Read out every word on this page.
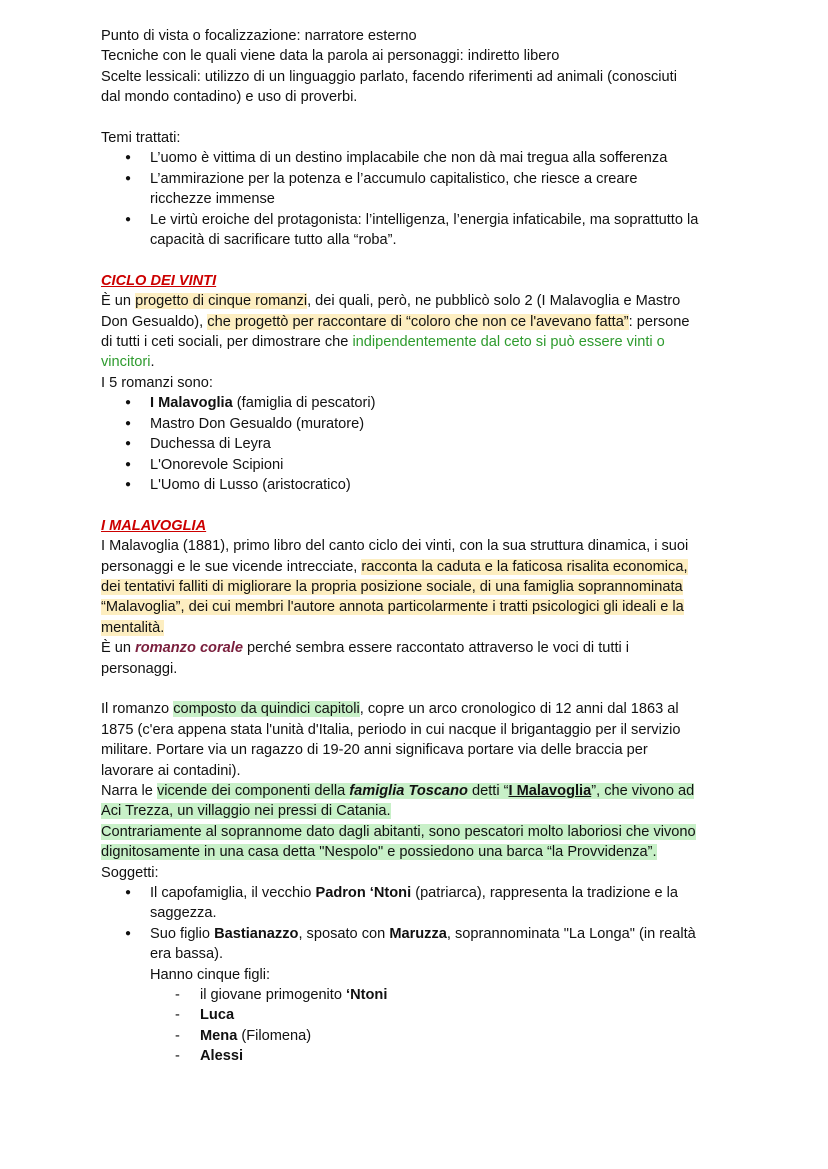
Punto di vista o focalizzazione: narratore esterno

Tecniche con le quali viene data la parola ai personaggi: indiretto libero

Scelte lessicali: utilizzo di un linguaggio parlato, facendo riferimenti ad animali (conosciuti

dal mondo contadino) e uso di proverbi.

Temi trattati:

● L’uomo è vittima di un destino implacabile che non dà mai tregua alla sofferenza

● L’ammirazione per la potenza e l’accumulo capitalistico, che riesce a creare

ricchezze immense

● Le virtù eroiche del protagonista: l’intelligenza, l’energia infaticabile, ma soprattutto la

capacità di sacrificare tutto alla “roba”.

CICLO DEI VINTI

È un progetto di cinque romanzi, dei quali, però, ne pubblicò solo 2 (I Malavoglia e Mastro

Don Gesualdo), che progettò per raccontare di “coloro che non ce l'avevano fatta”: persone

di tutti i ceti sociali, per dimostrare che indipendentemente dal ceto si può essere vinti o

vincitori.

I 5 romanzi sono:

● I Malavoglia (famiglia di pescatori)

● Mastro Don Gesualdo (muratore)

● Duchessa di Leyra

● L'Onorevole Scipioni

● L'Uomo di Lusso (aristocratico)

I MALAVOGLIA

I Malavoglia (1881), primo libro del canto ciclo dei vinti, con la sua struttura dinamica, i suoi

personaggi e le sue vicende intrecciate, racconta la caduta e la faticosa risalita economica,

dei tentativi falliti di migliorare la propria posizione sociale, di una famiglia soprannominata

“Malavoglia”, dei cui membri l'autore annota particolarmente i tratti psicologici gli ideali e la

mentalità.

È un romanzo corale perché sembra essere raccontato attraverso le voci di tutti i

personaggi.

Il romanzo composto da quindici capitoli, copre un arco cronologico di 12 anni dal 1863 al

1875 (c'era appena stata l'unità d'Italia, periodo in cui nacque il brigantaggio per il servizio

militare. Portare via un ragazzo di 19-20 anni significava portare via delle braccia per

lavorare ai contadini).

Narra le vicende dei componenti della famiglia Toscano detti “I Malavoglia”, che vivono ad

Aci Trezza, un villaggio nei pressi di Catania.

Contrariamente al soprannome dato dagli abitanti, sono pescatori molto laboriosi che vivono

dignitosamente in una casa detta "Nespolo" e possiedono una barca “la Provvidenza”.

Soggetti:

● Il capofamiglia, il vecchio Padron ‘Ntoni (patriarca), rappresenta la tradizione e la

saggezza.

● Suo figlio Bastianazzo, sposato con Maruzza, soprannominata "La Longa" (in realtà

era bassa).

Hanno cinque figli:

- il giovane primogenito ‘Ntoni

- Luca

- Mena (Filomena)

- Alessi
